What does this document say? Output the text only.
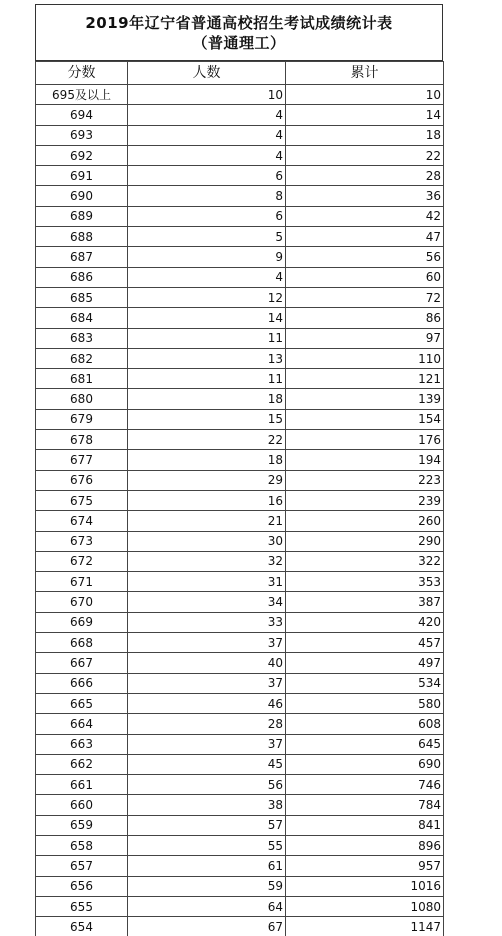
2019年辽宁省普通高校招生考试成绩统计表
（普通理工）
分数	人数	累计
695及以上	10	10
694	4	14
693	4	18
692	4	22
691	6	28
690	8	36
689	6	42
688	5	47
687	9	56
686	4	60
685	12	72
684	14	86
683	11	97
682	13	110
681	11	121
680	18	139
679	15	154
678	22	176
677	18	194
676	29	223
675	16	239
674	21	260
673	30	290
672	32	322
671	31	353
670	34	387
669	33	420
668	37	457
667	40	497
666	37	534
665	46	580
664	28	608
663	37	645
662	45	690
661	56	746
660	38	784
659	57	841
658	55	896
657	61	957
656	59	1016
655	64	1080
654	67	1147
